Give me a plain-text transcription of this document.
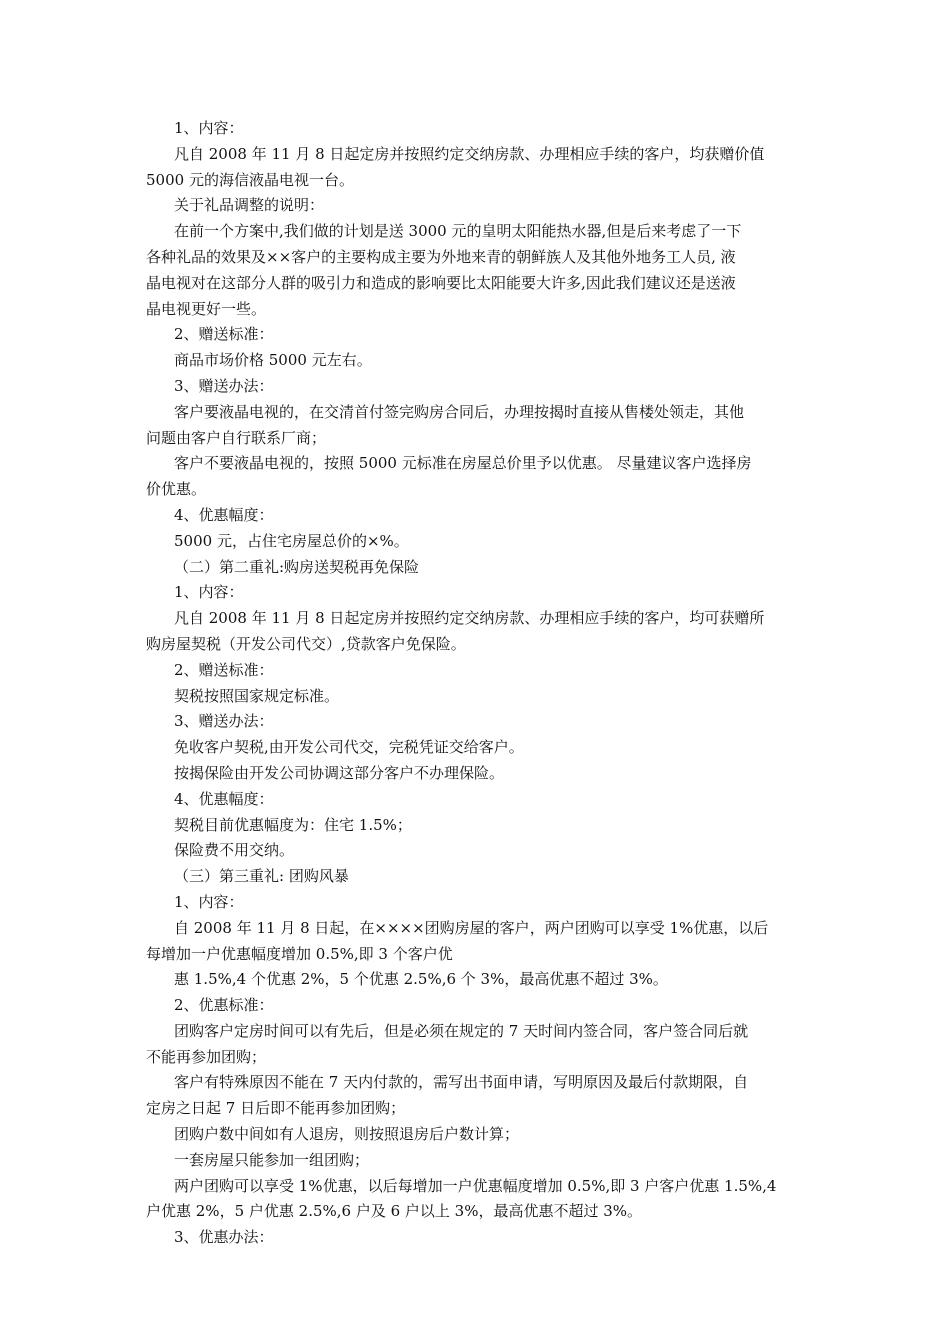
1、内容：
凡自 2008 年 11 月 8 日起定房并按照约定交纳房款、办理相应手续的客户，均获赠价值
5000 元的海信液晶电视一台。
关于礼品调整的说明：
在前一个方案中,我们做的计划是送 3000 元的皇明太阳能热水器,但是后来考虑了一下
各种礼品的效果及××客户的主要构成主要为外地来青的朝鲜族人及其他外地务工人员, 液
晶电视对在这部分人群的吸引力和造成的影响要比太阳能要大许多,因此我们建议还是送液
晶电视更好一些。
2、赠送标准：
商品市场价格 5000 元左右。
3、赠送办法：
客户要液晶电视的，在交清首付签完购房合同后，办理按揭时直接从售楼处领走，其他
问题由客户自行联系厂商；
客户不要液晶电视的，按照 5000 元标准在房屋总价里予以优惠。 尽量建议客户选择房
价优惠。
4、优惠幅度：
5000 元，占住宅房屋总价的×%。
（二）第二重礼:购房送契税再免保险
1、内容：
凡自 2008 年 11 月 8 日起定房并按照约定交纳房款、办理相应手续的客户，均可获赠所
购房屋契税（开发公司代交）,贷款客户免保险。
2、赠送标准：
契税按照国家规定标准。
3、赠送办法：
免收客户契税,由开发公司代交，完税凭证交给客户。
按揭保险由开发公司协调这部分客户不办理保险。
4、优惠幅度：
契税目前优惠幅度为：住宅 1.5%；
保险费不用交纳。
（三）第三重礼: 团购风暴
1、内容：
自 2008 年 11 月 8 日起，在××××团购房屋的客户，两户团购可以享受 1%优惠，以后
每增加一户优惠幅度增加 0.5%,即 3 个客户优
惠 1.5%,4 个优惠 2%，5 个优惠 2.5%,6 个 3%，最高优惠不超过 3%。
2、优惠标准：
团购客户定房时间可以有先后，但是必须在规定的 7 天时间内签合同，客户签合同后就
不能再参加团购；
客户有特殊原因不能在 7 天内付款的，需写出书面申请，写明原因及最后付款期限，自
定房之日起 7 日后即不能再参加团购；
团购户数中间如有人退房，则按照退房后户数计算；
一套房屋只能参加一组团购；
两户团购可以享受 1%优惠，以后每增加一户优惠幅度增加 0.5%,即 3 户客户优惠 1.5%,4
户优惠 2%，5 户优惠 2.5%,6 户及 6 户以上 3%，最高优惠不超过 3%。
3、优惠办法：
